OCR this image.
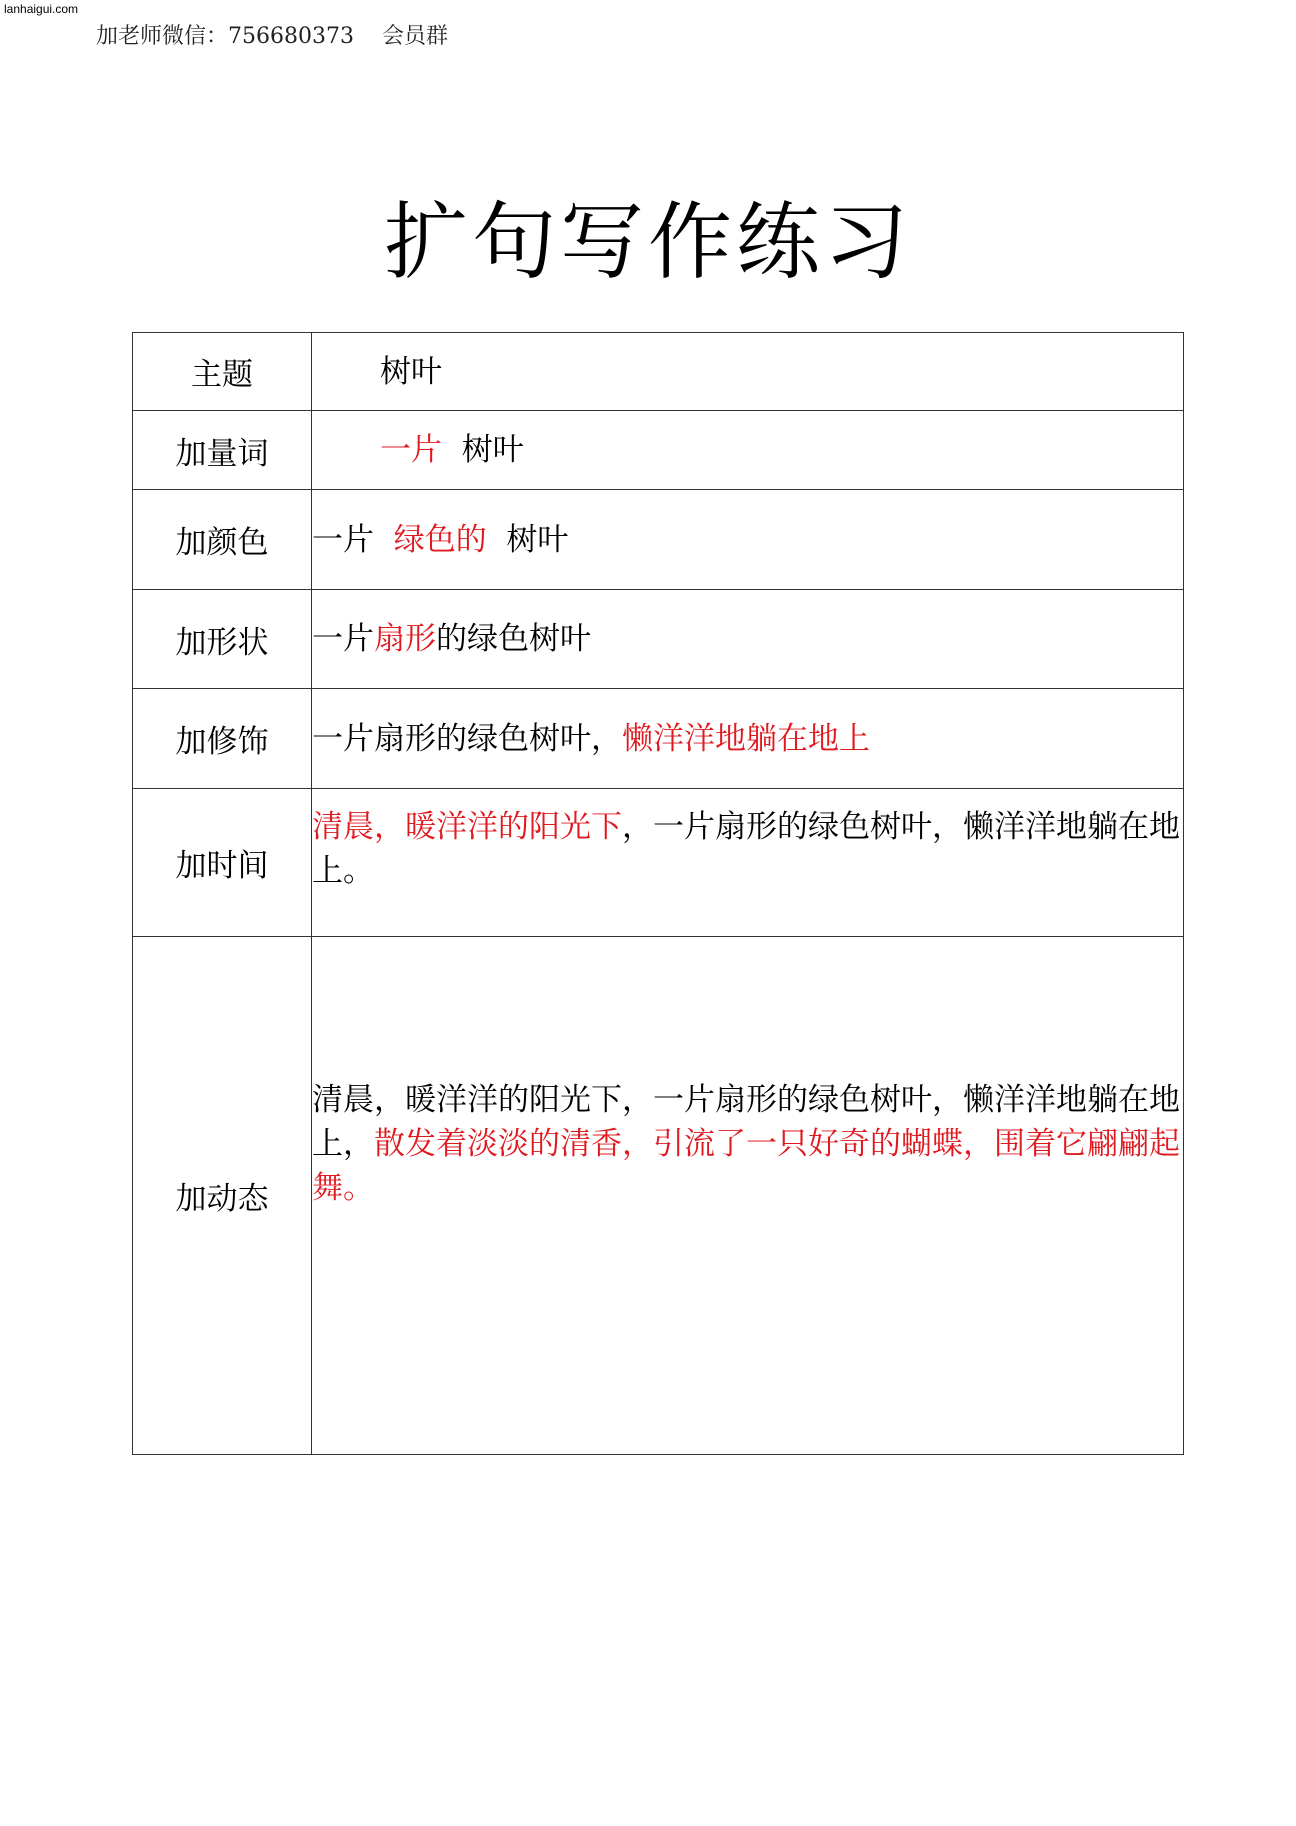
lanhaigui.com
加老师微信：756680373    会员群
扩句写作练习
主题	树叶
加量词	一片  树叶
加颜色	一片  绿色的  树叶
加形状	一片扇形的绿色树叶
加修饰	一片扇形的绿色树叶，懒洋洋地躺在地上
加时间	清晨，暖洋洋的阳光下，一片扇形的绿色树叶，懒洋洋地躺在地上。
加动态	清晨，暖洋洋的阳光下，一片扇形的绿色树叶，懒洋洋地躺在地上，散发着淡淡的清香，引流了一只好奇的蝴蝶，围着它翩翩起舞。
